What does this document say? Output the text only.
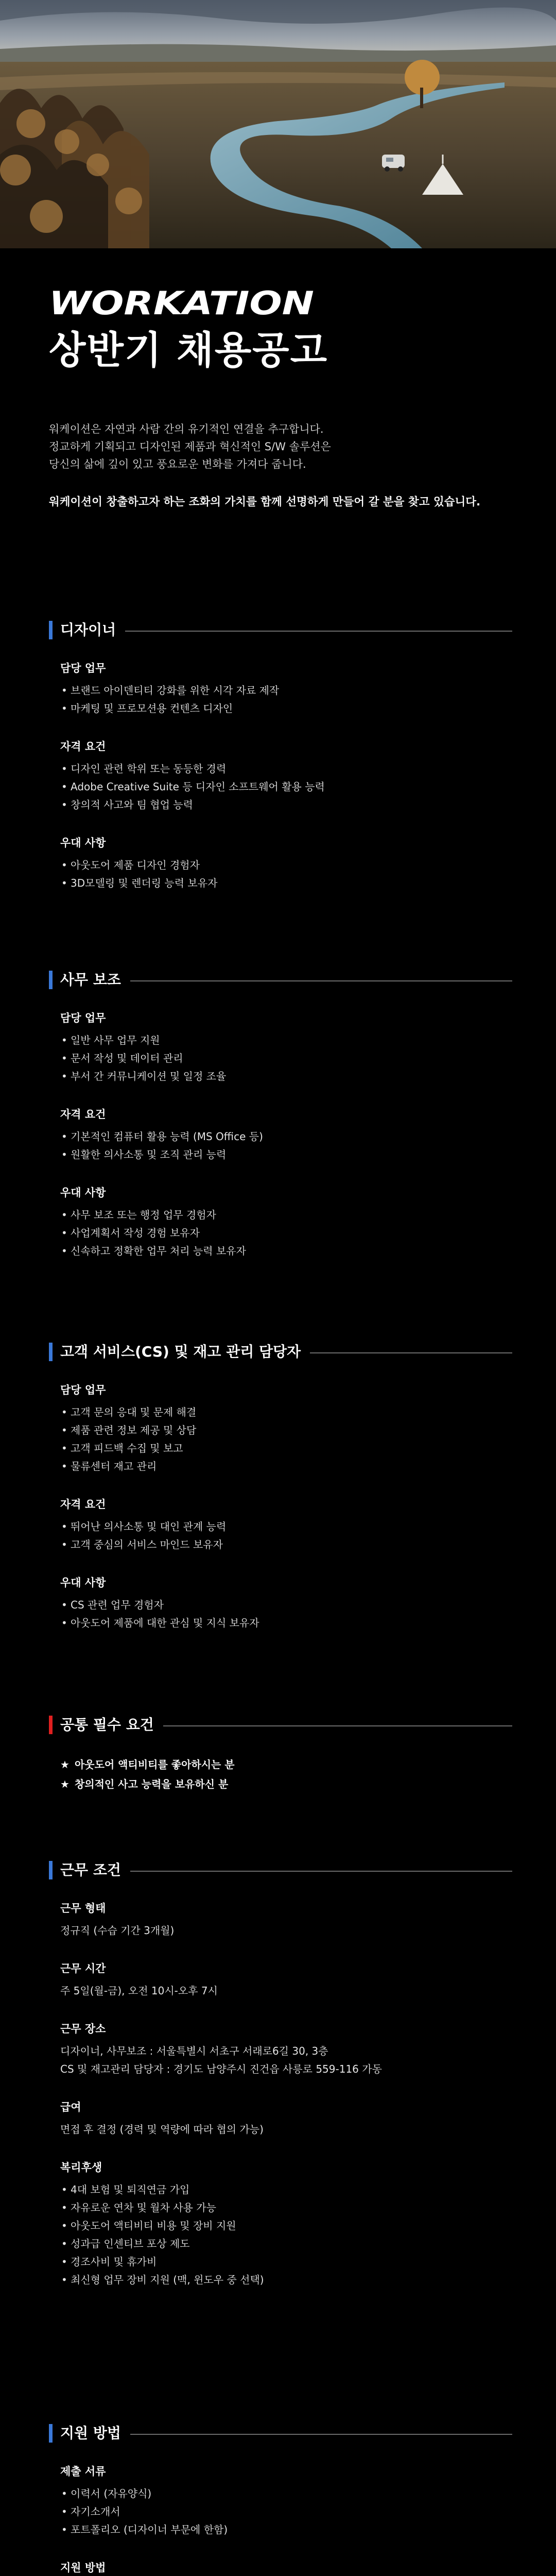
WORKATION
상반기 채용공고

워케이션은 자연과 사람 간의 유기적인 연결을 추구합니다.

정교하게 기획되고 디자인된 제품과 혁신적인 S/W 솔루션은

당신의 삶에 깊이 있고 풍요로운 변화를 가져다 줍니다.

워케이션이 창출하고자 하는 조화의 가치를 함께 선명하게 만들어 갈 분을 찾고 있습니다.

디자이너

담당 업무

• 브랜드 아이덴티티 강화를 위한 시각 자료 제작
• 마케팅 및 프로모션용 컨텐츠 디자인

자격 요건

• 디자인 관련 학위 또는 동등한 경력
• Adobe Creative Suite 등 디자인 소프트웨어 활용 능력
• 창의적 사고와 팀 협업 능력

우대 사항

• 아웃도어 제품 디자인 경험자
• 3D모델링 및 렌더링 능력 보유자
사무 보조

담당 업무

• 일반 사무 업무 지원
• 문서 작성 및 데이터 관리
• 부서 간 커뮤니케이션 및 일정 조율

자격 요건

• 기본적인 컴퓨터 활용 능력 (MS Office 등)
• 원활한 의사소통 및 조직 관리 능력

우대 사항

• 사무 보조 또는 행정 업무 경험자
• 사업계획서 작성 경험 보유자
• 신속하고 정확한 업무 처리 능력 보유자
고객 서비스(CS) 및 재고 관리 담당자

담당 업무

• 고객 문의 응대 및 문제 해결
• 제품 관련 정보 제공 및 상담
• 고객 피드백 수집 및 보고
• 물류센터 재고 관리

자격 요건

• 뛰어난 의사소통 및 대인 관계 능력
• 고객 중심의 서비스 마인드 보유자

우대 사항

• CS 관련 업무 경험자
• 아웃도어 제품에 대한 관심 및 지식 보유자
공통 필수 요건
★ 아웃도어 액티비티를 좋아하시는 분
★ 창의적인 사고 능력을 보유하신 분
근무 조건

근무 형태

정규직 (수습 기간 3개월)

근무 시간

주 5일(월-금), 오전 10시-오후 7시

근무 장소

디자이너, 사무보조 : 서울특별시 서초구 서래로6길 30, 3층

CS 및 재고관리 담당자 : 경기도 남양주시 진건읍 사릉로 559-116 가동

급여

면접 후 결정 (경력 및 역량에 따라 협의 가능)

복리후생

• 4대 보험 및 퇴직연금 가입
• 자유로운 연차 및 월차 사용 가능
• 아웃도어 액티비티 비용 및 장비 지원
• 성과급 인센티브 포상 제도
• 경조사비 및 휴가비
• 최신형 업무 장비 지원 (맥, 윈도우 중 선택)
지원 방법

제출 서류

• 이력서 (자유양식)
• 자기소개서
• 포트폴리오 (디자이너 부문에 한함)

지원 방법
